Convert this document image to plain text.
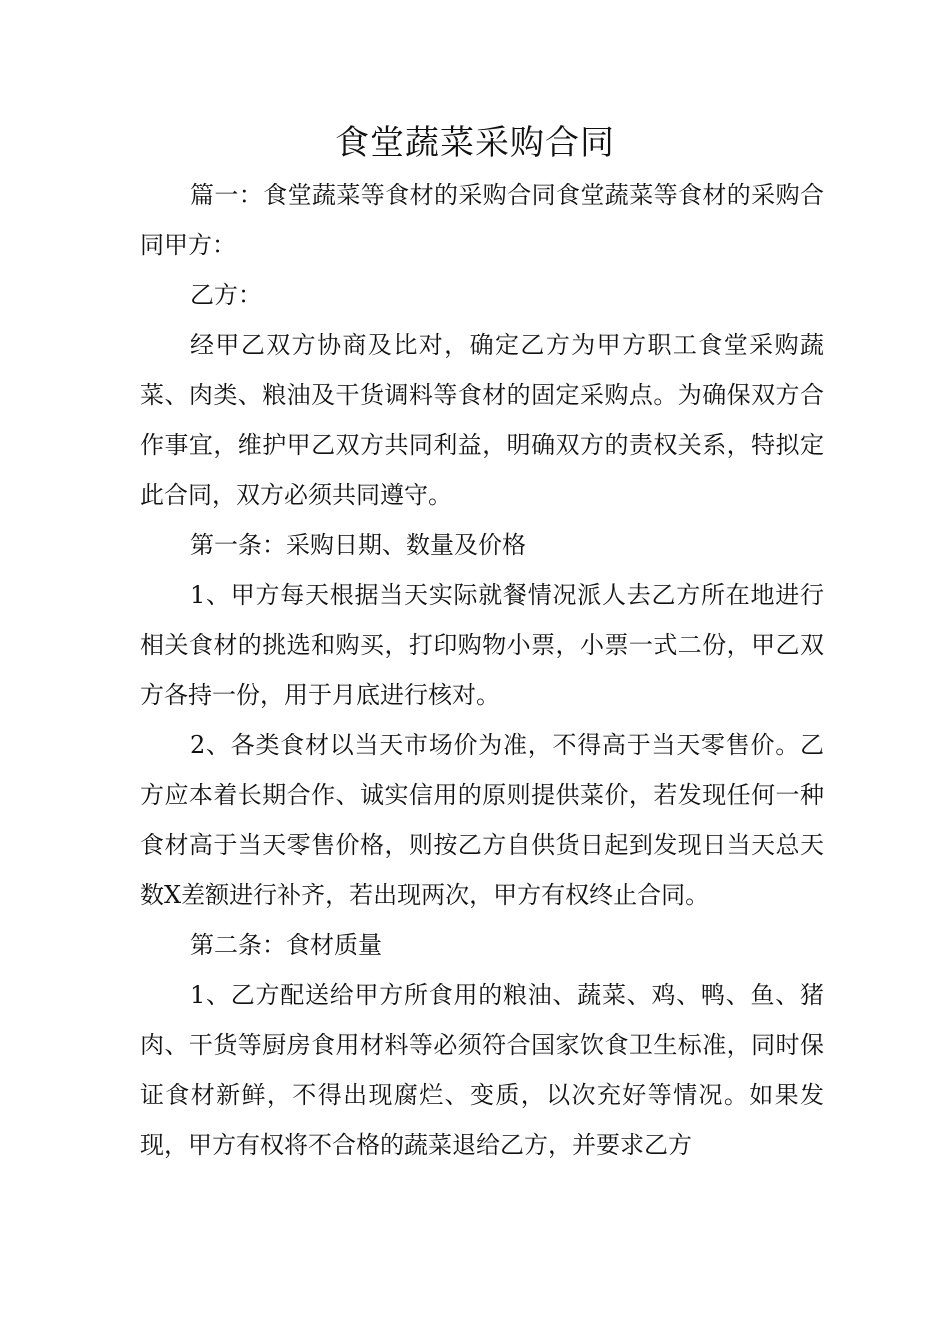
食堂蔬菜采购合同

篇一：食堂蔬菜等食材的采购合同食堂蔬菜等食材的采购合同甲方：

乙方：

经甲乙双方协商及比对，确定乙方为甲方职工食堂采购蔬菜、肉类、粮油及干货调料等食材的固定采购点。为确保双方合作事宜，维护甲乙双方共同利益，明确双方的责权关系，特拟定此合同，双方必须共同遵守。

第一条：采购日期、数量及价格

1、甲方每天根据当天实际就餐情况派人去乙方所在地进行相关食材的挑选和购买，打印购物小票，小票一式二份，甲乙双方各持一份，用于月底进行核对。

2、各类食材以当天市场价为准，不得高于当天零售价。乙方应本着长期合作、诚实信用的原则提供菜价，若发现任何一种食材高于当天零售价格，则按乙方自供货日起到发现日当天总天数X差额进行补齐，若出现两次，甲方有权终止合同。

第二条：食材质量

1、乙方配送给甲方所食用的粮油、蔬菜、鸡、鸭、鱼、猪肉、干货等厨房食用材料等必须符合国家饮食卫生标准，同时保证食材新鲜，不得出现腐烂、变质，以次充好等情况。如果发现，甲方有权将不合格的蔬菜退给乙方，并要求乙方
